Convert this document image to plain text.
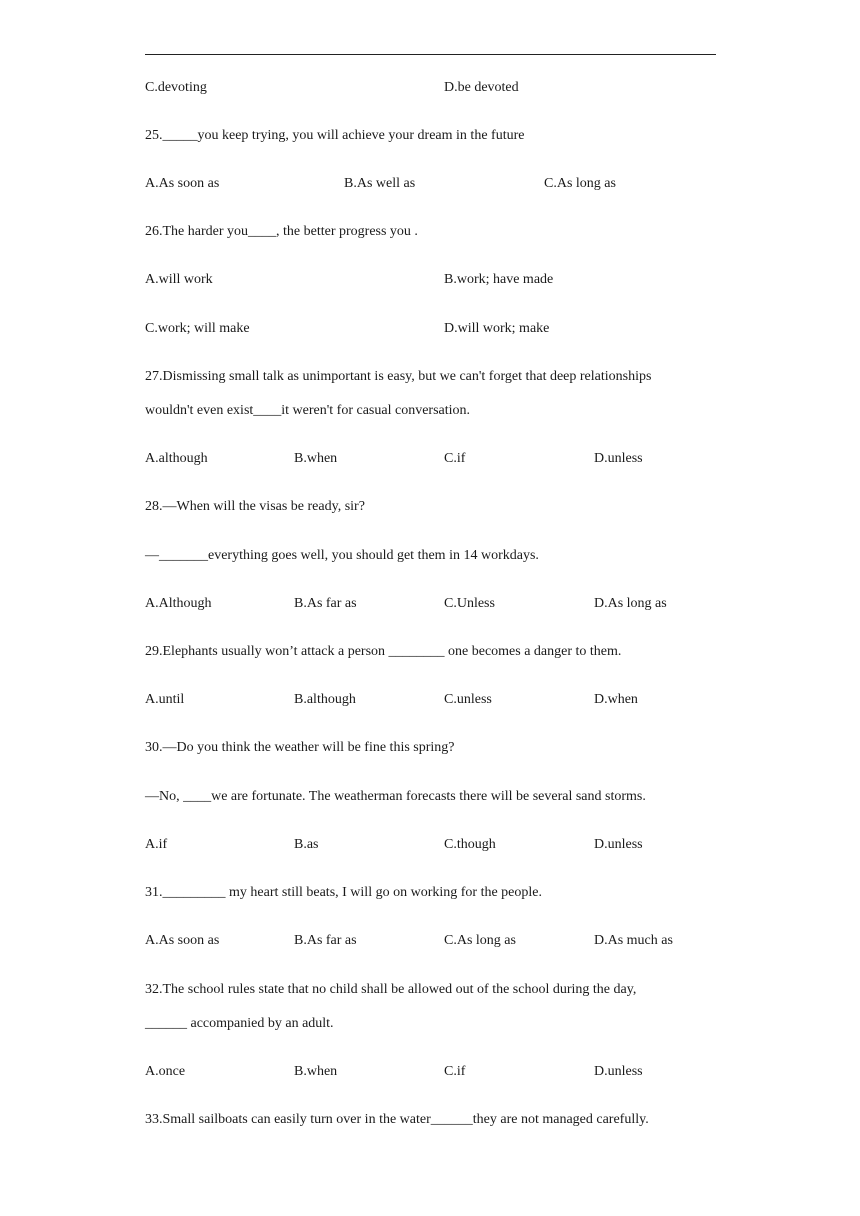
C.devoting	D.be devoted
25._____you keep trying, you will achieve your dream in the future
A.As soon as	B.As well as	C.As long as
26.The harder you____, the better progress you .
A.will work	B.work; have made
C.work; will make	D.will work; make
27.Dismissing small talk as unimportant is easy, but we can't forget that deep relationships
wouldn't even exist____it weren't for casual conversation.
A.although	B.when	C.if	D.unless
28.—When will the visas be ready, sir?
—_______everything goes well, you should get them in 14 workdays.
A.Although	B.As far as	C.Unless	D.As long as
29.Elephants usually won’t attack a person ________ one becomes a danger to them.
A.until	B.although	C.unless	D.when
30.—Do you think the weather will be fine this spring?
—No, ____we are fortunate. The weatherman forecasts there will be several sand storms.
A.if	B.as	C.though	D.unless
31._________ my heart still beats, I will go on working for the people.
A.As soon as	B.As far as	C.As long as	D.As much as
32.The school rules state that no child shall be allowed out of the school during the day,
______ accompanied by an adult.
A.once	B.when	C.if	D.unless
33.Small sailboats can easily turn over in the water______they are not managed carefully.
